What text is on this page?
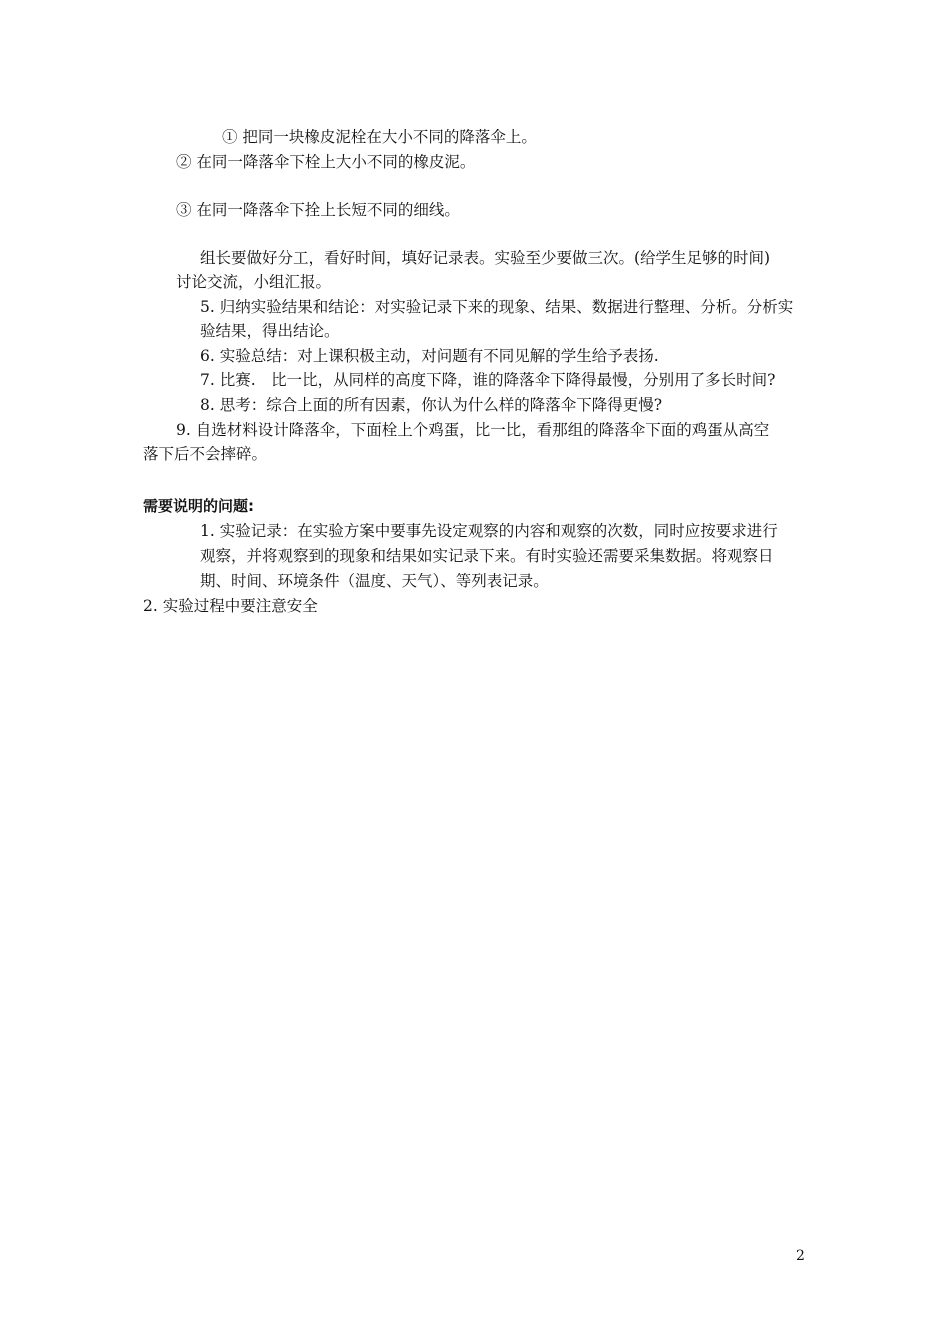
① 把同一块橡皮泥栓在大小不同的降落伞上。
② 在同一降落伞下栓上大小不同的橡皮泥。
③ 在同一降落伞下拴上长短不同的细线。
组长要做好分工，看好时间，填好记录表。实验至少要做三次。(给学生足够的时间)
讨论交流，小组汇报。
5. 归纳实验结果和结论：对实验记录下来的现象、结果、数据进行整理、分析。分析实
验结果，得出结论。
6. 实验总结：对上课积极主动，对问题有不同见解的学生给予表扬.
7. 比赛.　比一比，从同样的高度下降，谁的降落伞下降得最慢，分别用了多长时间?
8. 思考：综合上面的所有因素，你认为什么样的降落伞下降得更慢?
9. 自选材料设计降落伞，下面栓上个鸡蛋，比一比，看那组的降落伞下面的鸡蛋从高空
落下后不会摔碎。
需要说明的问题:
1. 实验记录：在实验方案中要事先设定观察的内容和观察的次数，同时应按要求进行
观察，并将观察到的现象和结果如实记录下来。有时实验还需要采集数据。将观察日
期、时间、环境条件（温度、天气）、等列表记录。
2. 实验过程中要注意安全
2
